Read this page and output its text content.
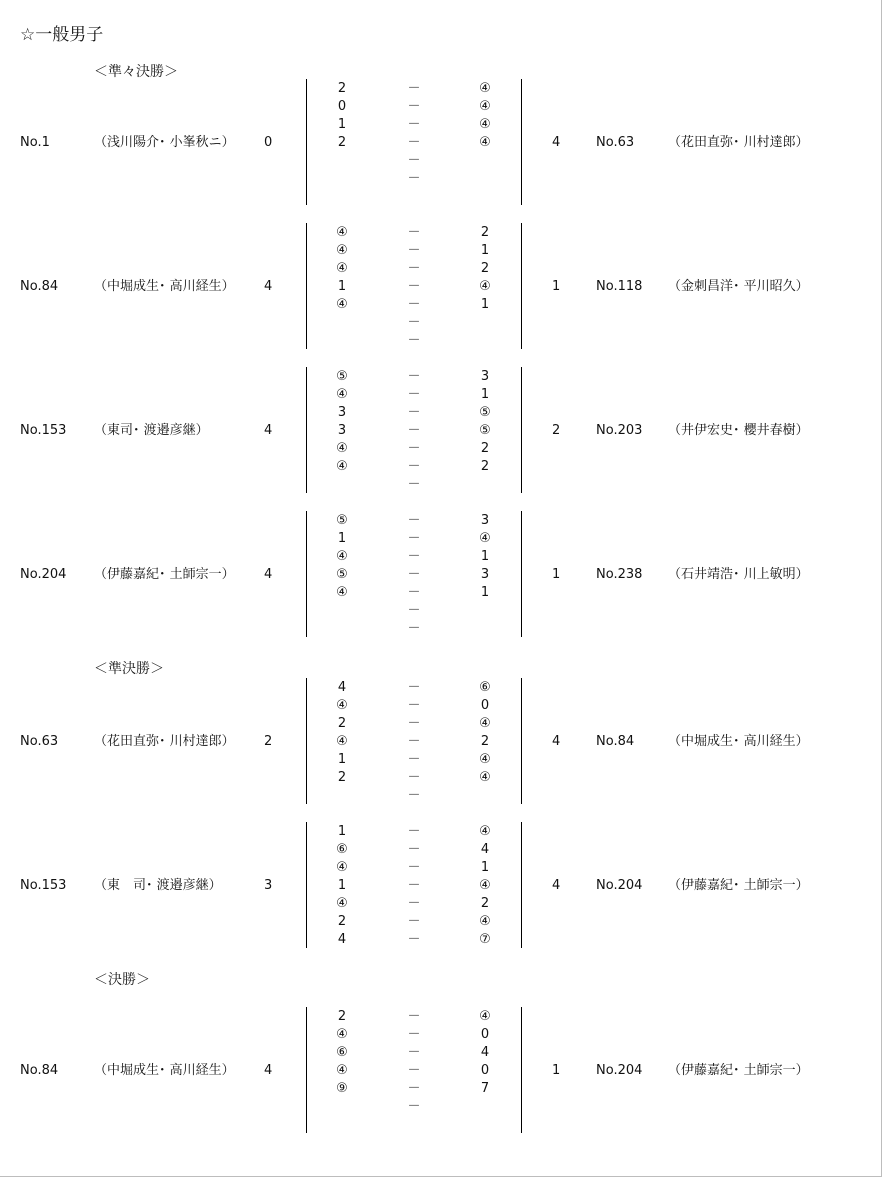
☆一般男子
＜準々決勝＞
No.1	（浅川陽介･ 小峯秋ニ） 0	4	No.63	（花田直弥･ 川村達郎）
2	－	④
0	－	④
1	－	④
2	－	④
－
－
No.84	（中堀成生･ 高川経生） 4	1	No.118 （金刺昌洋･ 平川昭久）
④	－	2
④	－	1
④	－	2
1	－	④
④	－	1
－
－
No.153 （東司･ 渡邉彦継）	4	2	No.203 （井伊宏史･ 櫻井春樹）
⑤	－	3
④	－	1
3	－	⑤
3	－	⑤
④	－	2
④	－	2
－
No.204 （伊藤嘉紀･ 土師宗一） 4	1	No.238 （石井靖浩･ 川上敏明）
⑤	－	3
1	－	④
④	－	1
⑤	－	3
④	－	1
－
－
＜準決勝＞
No.63	（花田直弥･ 川村達郎） 2	4	No.84	（中堀成生･ 高川経生）
4	－	⑥
④	－	0
2	－	④
④	－	2
1	－	④
2	－	④
－
No.153 （東　司･ 渡邉彦継）	3	4	No.204 （伊藤嘉紀･ 土師宗一）
1	－	④
⑥	－	4
④	－	1
1	－	④
④	－	2
2	－	④
4	－	⑦
＜決勝＞
No.84	（中堀成生･ 高川経生） 4	1	No.204 （伊藤嘉紀･ 土師宗一）
2	－	④
④	－	0
⑥	－	4
④	－	0
⑨	－	7
－
